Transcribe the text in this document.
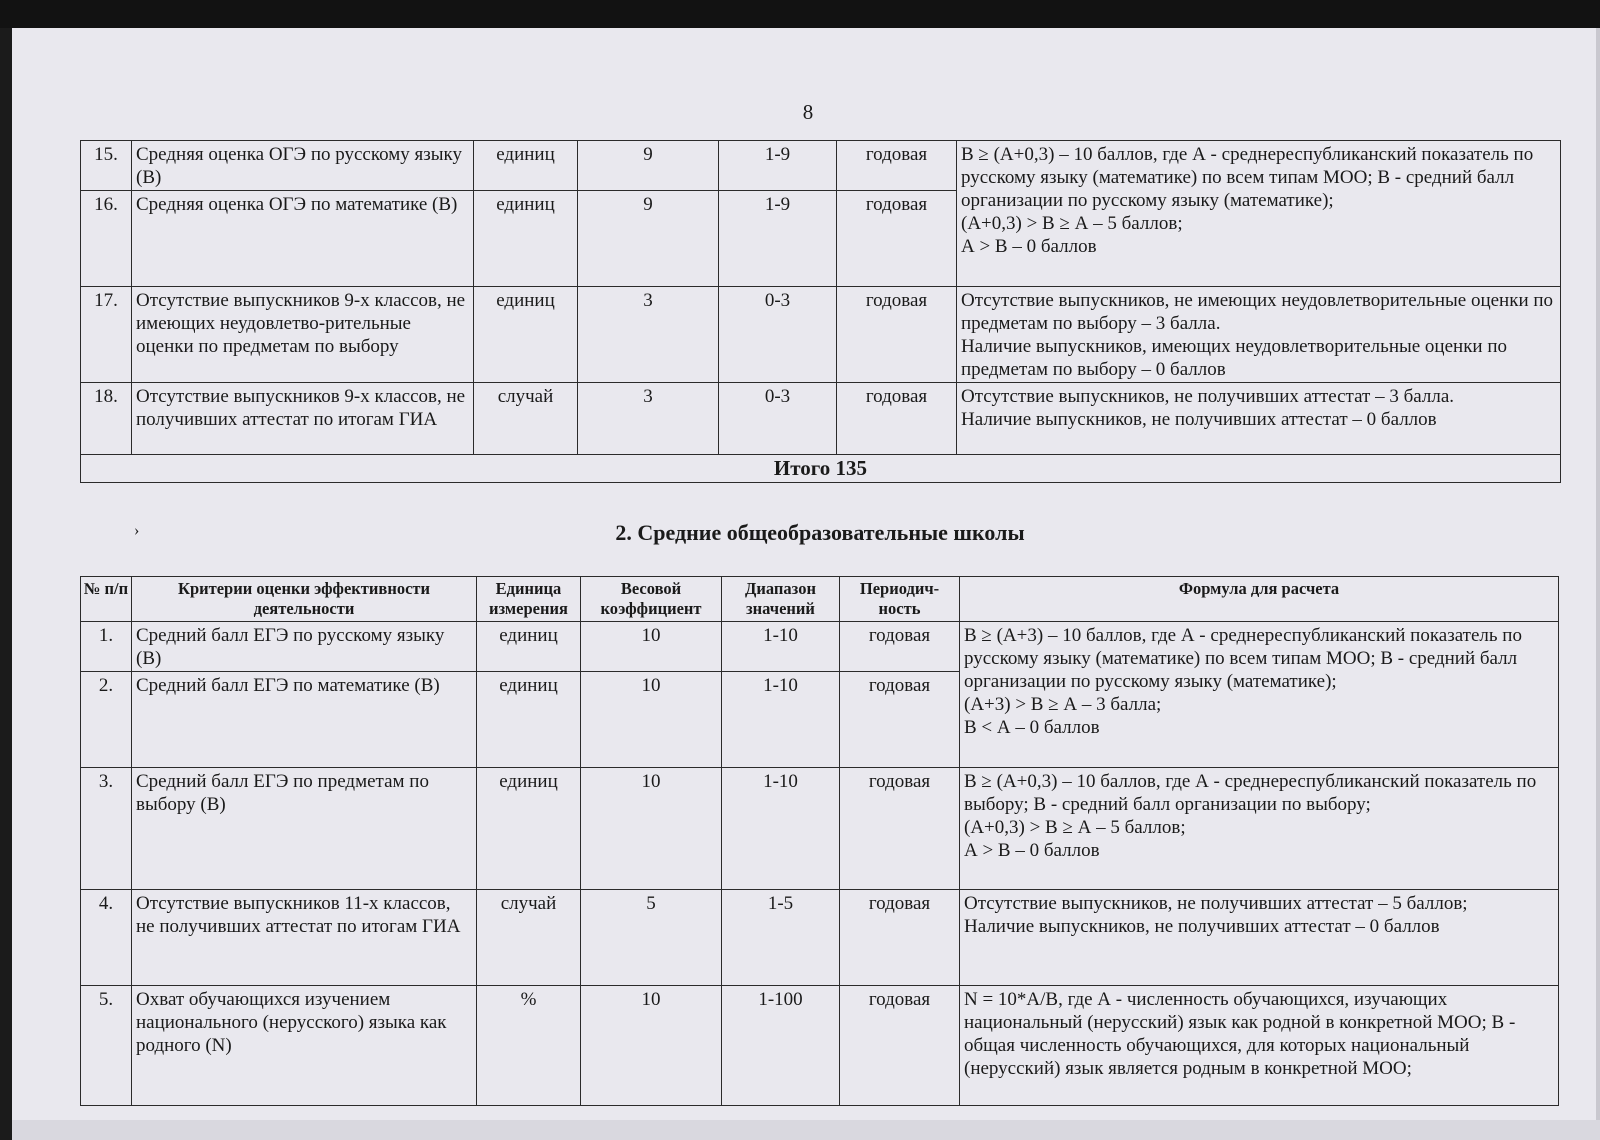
8
15.	Средняя оценка ОГЭ по русскому языку (В)	единиц	9	1-9	годовая	В ≥ (А+0,3) – 10 баллов, где А - среднереспубликанский показатель по русскому языку (математике) по всем типам МОО; В - средний балл организации по русскому языку (математике);
(А+0,3) > В ≥ А – 5 баллов;
А > В – 0 баллов

16.	Средняя оценка ОГЭ по математике (В)	единиц	9	1-9	годовая	
17.	Отсутствие выпускников 9-х классов, не имеющих неудовлетво-рительные оценки по предметам по выбору	единиц	3	0-3	годовая	Отсутствие выпускников, не имеющих неудовлетворительные оценки по предметам по выбору – 3 балла.
Наличие выпускников, имеющих неудовлетворительные оценки по предметам по выбору – 0 баллов

18.	Отсутствие выпускников 9-х классов, не получивших аттестат по итогам ГИА	случай	3	0-3	годовая	Отсутствие выпускников, не получивших аттестат – 3 балла.
Наличие выпускников, не получивших аттестат – 0 баллов

Итого 135						
›	2. Средние общеобразовательные школы
№ п/п	Критерии оценки эффективности деятельности	Единица измерения	Весовой коэффициент	Диапазон значений	Периодич-ность	Формула для расчета
1.	Средний балл ЕГЭ по русскому языку (В)	единиц	10	1-10	годовая	В ≥ (А+3) – 10 баллов, где А - среднереспубликанский показатель по русскому языку (математике) по всем типам МОО; В - средний балл организации по русскому языку (математике);
(А+3) > В ≥ А – 3 балла;
В < А – 0 баллов

2.	Средний балл ЕГЭ по математике (В)	единиц	10	1-10	годовая	
3.	Средний балл ЕГЭ по предметам по выбору (В)	единиц	10	1-10	годовая	В ≥ (А+0,3) – 10 баллов, где А - среднереспубликанский показатель по выбору; В - средний балл организации по выбору;
(А+0,3) > В ≥ А – 5 баллов;
А > В – 0 баллов

4.	Отсутствие выпускников 11-х классов, не получивших аттестат по итогам ГИА	случай	5	1-5	годовая	Отсутствие выпускников, не получивших аттестат – 5 баллов;
Наличие выпускников, не получивших аттестат – 0 баллов

5.	Охват обучающихся изучением национального (нерусского) языка как родного (N)	%	10	1-100	годовая	N = 10*А/В, где А - численность обучающихся, изучающих национальный (нерусский) язык как родной в конкретной МОО; В - общая численность обучающихся, для которых национальный (нерусский) язык является родным в конкретной МОО;
